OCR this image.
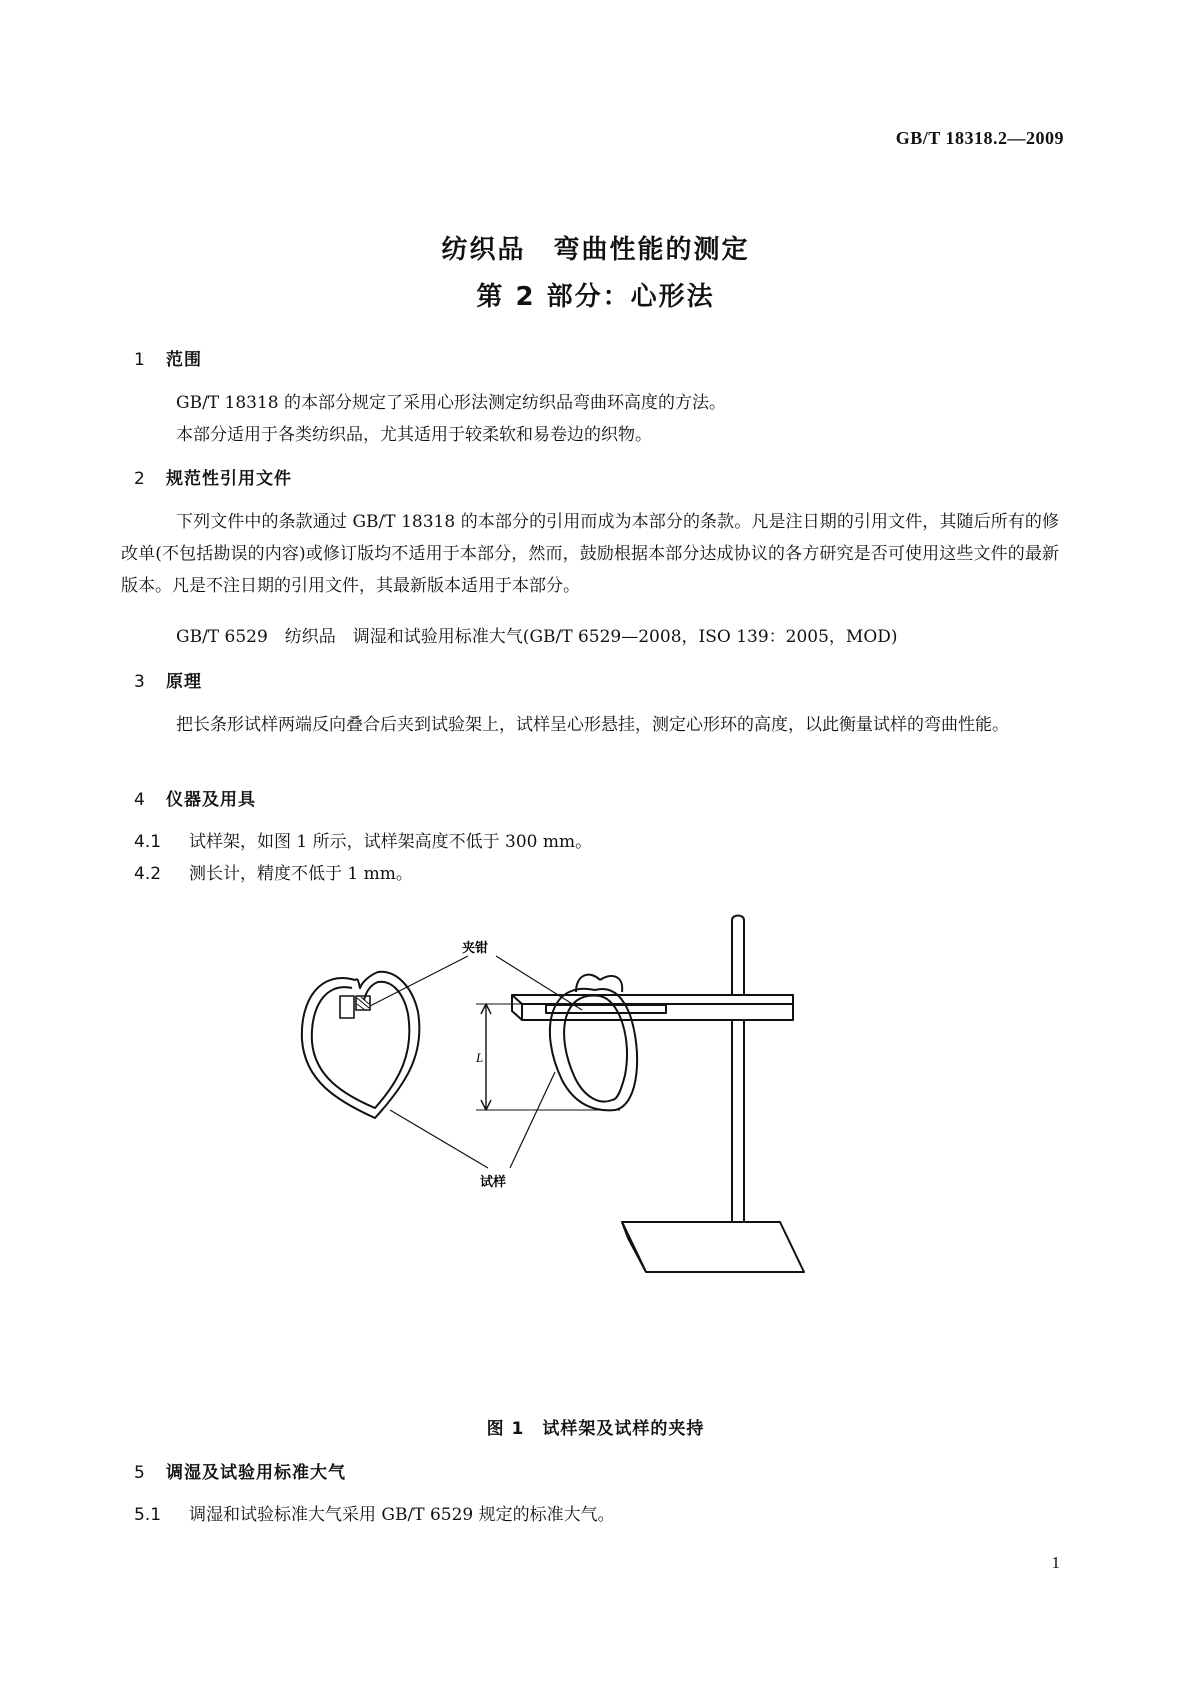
GB/T 18318.2—2009
纺织品　弯曲性能的测定
第 2 部分：心形法
1 范围
GB/T 18318 的本部分规定了采用心形法测定纺织品弯曲环高度的方法。
本部分适用于各类纺织品，尤其适用于较柔软和易卷边的织物。
2 规范性引用文件
下列文件中的条款通过 GB/T 18318 的本部分的引用而成为本部分的条款。凡是注日期的引用文件，其随后所有的修改单(不包括勘误的内容)或修订版均不适用于本部分，然而，鼓励根据本部分达成协议的各方研究是否可使用这些文件的最新版本。凡是不注日期的引用文件，其最新版本适用于本部分。
GB/T 6529　纺织品　调湿和试验用标准大气(GB/T 6529—2008，ISO 139：2005，MOD)
3 原理
把长条形试样两端反向叠合后夹到试验架上，试样呈心形悬挂，测定心形环的高度，以此衡量试样的弯曲性能。
4 仪器及用具
4.1 试样架，如图 1 所示，试样架高度不低于 300 mm。
4.2 测长计，精度不低于 1 mm。
夹钳
试样
L
图 1　试样架及试样的夹持
5 调湿及试验用标准大气
5.1 调湿和试验标准大气采用 GB/T 6529 规定的标准大气。
1
